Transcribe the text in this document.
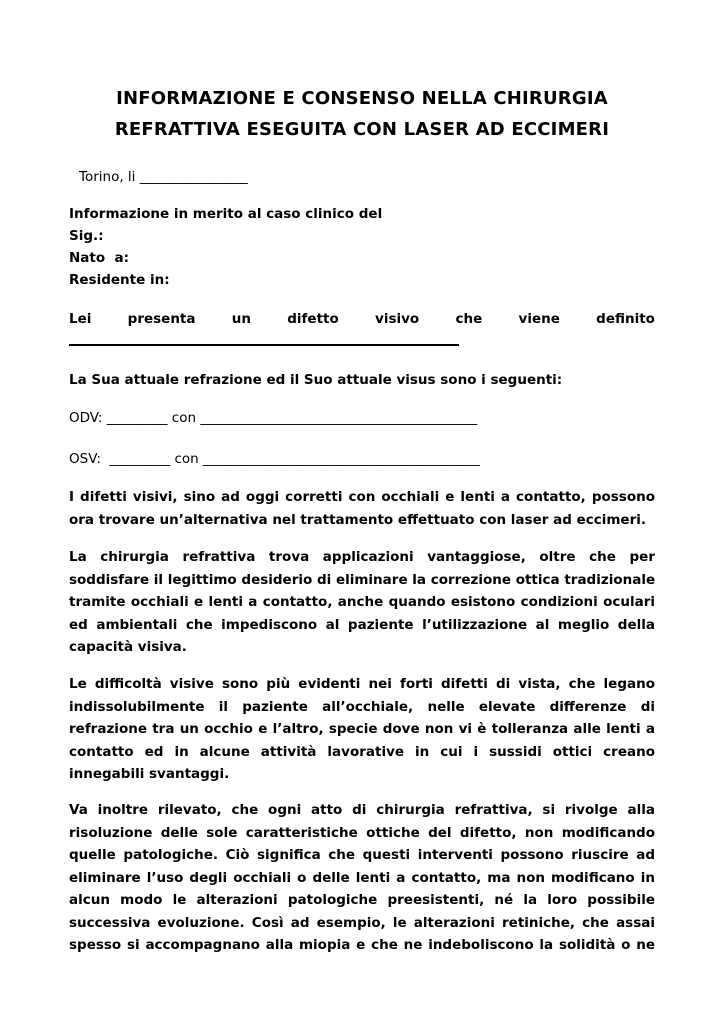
INFORMAZIONE E CONSENSO NELLA CHIRURGIA
REFRATTIVA ESEGUITA CON LASER AD ECCIMERI
Torino, li ________________
Informazione in merito al caso clinico del
Sig.:
Nato  a:
Residente in:
Lei	presenta	un	difetto	visivo	che	viene	definito
La Sua attuale refrazione ed il Suo attuale visus sono i seguenti:
ODV: _________ con _________________________________________
OSV:  _________ con _________________________________________

I difetti visivi, sino ad oggi corretti con occhiali e lenti a contatto, possono
ora trovare un’alternativa nel trattamento effettuato con laser ad eccimeri.

La chirurgia refrattiva trova applicazioni vantaggiose, oltre che per
soddisfare il legittimo desiderio di eliminare la correzione ottica tradizionale
tramite occhiali e lenti a contatto, anche quando esistono condizioni oculari
ed ambientali che impediscono al paziente l’utilizzazione al meglio della
capacità visiva.

Le difficoltà visive sono più evidenti nei forti difetti di vista, che legano
indissolubilmente il paziente all’occhiale, nelle elevate differenze di
refrazione tra un occhio e l’altro, specie dove non vi è tolleranza alle lenti a
contatto ed in alcune attività lavorative in cui i sussidi ottici creano
innegabili svantaggi.

Va inoltre rilevato, che ogni atto di chirurgia refrattiva, si rivolge alla
risoluzione delle sole caratteristiche ottiche del difetto, non modificando
quelle patologiche. Ciò significa che questi interventi possono riuscire ad
eliminare l’uso degli occhiali o delle lenti a contatto, ma non modificano in
alcun modo le alterazioni patologiche preesistenti, né la loro possibile
successiva evoluzione. Così ad esempio, le alterazioni retiniche, che assai
spesso si accompagnano alla miopia e che ne indeboliscono la solidità o ne
